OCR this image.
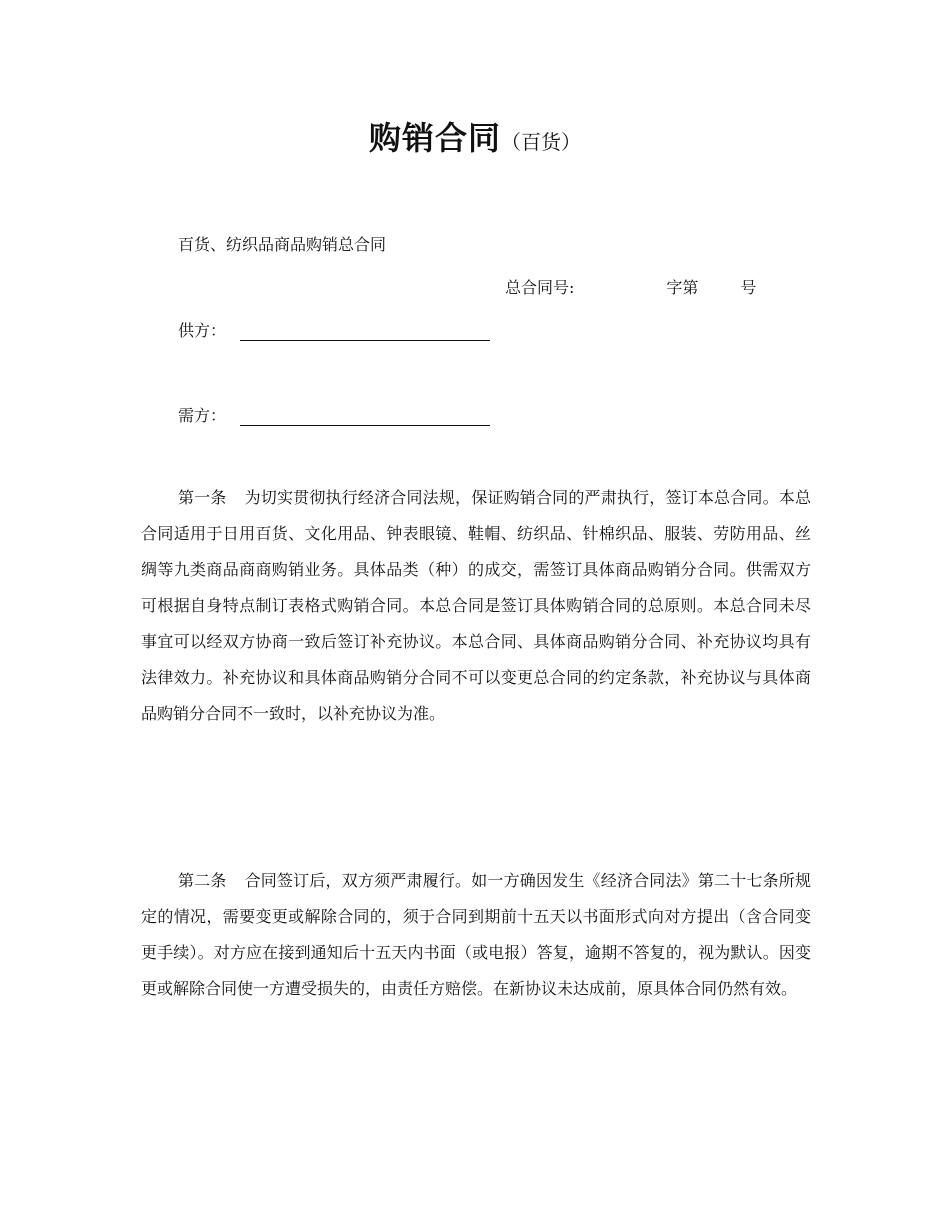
购销合同（百货）
百货、纺织品商品购销总合同
总合同号:	字第	号
供方：
需方：
第一条 为切实贯彻执行经济合同法规，保证购销合同的严肃执行，签订本总合同。本总合同适用于日用百货、文化用品、钟表眼镜、鞋帽、纺织品、针棉织品、服装、劳防用品、丝绸等九类商品商商购销业务。具体品类（种）的成交，需签订具体商品购销分合同。供需双方可根据自身特点制订表格式购销合同。本总合同是签订具体购销合同的总原则。本总合同未尽事宜可以经双方协商一致后签订补充协议。本总合同、具体商品购销分合同、补充协议均具有法律效力。补充协议和具体商品购销分合同不可以变更总合同的约定条款，补充协议与具体商品购销分合同不一致时，以补充协议为准。
第二条 合同签订后，双方须严肃履行。如一方确因发生《经济合同法》第二十七条所规定的情况，需要变更或解除合同的，须于合同到期前十五天以书面形式向对方提出（含合同变更手续）。对方应在接到通知后十五天内书面（或电报）答复，逾期不答复的，视为默认。因变更或解除合同使一方遭受损失的，由责任方赔偿。在新协议未达成前，原具体合同仍然有效。
